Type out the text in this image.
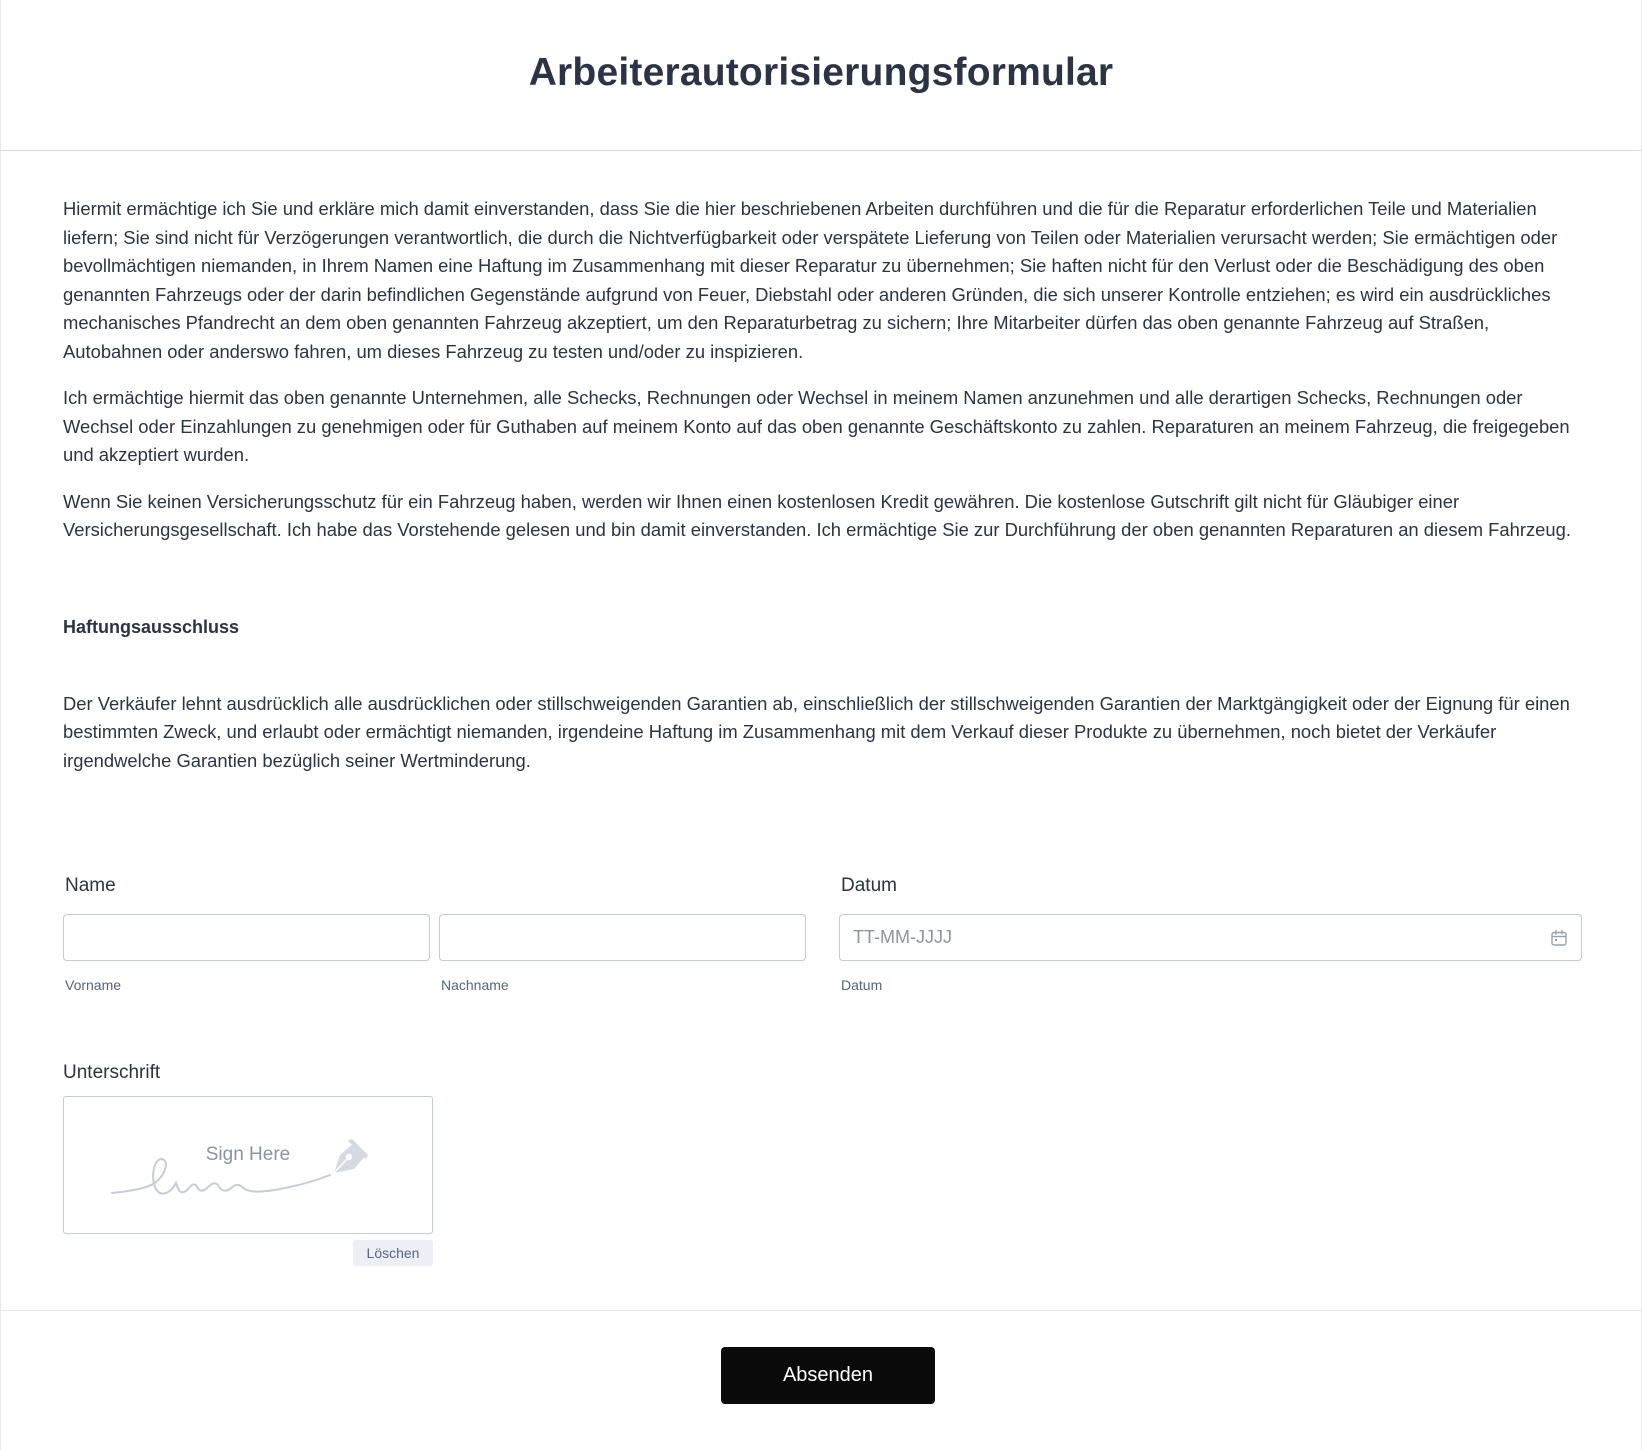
Arbeiterautorisierungsformular

Hiermit ermächtige ich Sie und erkläre mich damit einverstanden, dass Sie die hier beschriebenen Arbeiten durchführen und die für die Reparatur erforderlichen Teile und Materialien liefern; Sie sind nicht für Verzögerungen verantwortlich, die durch die Nichtverfügbarkeit oder verspätete Lieferung von Teilen oder Materialien verursacht werden; Sie ermächtigen oder bevollmächtigen niemanden, in Ihrem Namen eine Haftung im Zusammenhang mit dieser Reparatur zu übernehmen; Sie haften nicht für den Verlust oder die Beschädigung des oben genannten Fahrzeugs oder der darin befindlichen Gegenstände aufgrund von Feuer, Diebstahl oder anderen Gründen, die sich unserer Kontrolle entziehen; es wird ein ausdrückliches mechanisches Pfandrecht an dem oben genannten Fahrzeug akzeptiert, um den Reparaturbetrag zu sichern; Ihre Mitarbeiter dürfen das oben genannte Fahrzeug auf Straßen, Autobahnen oder anderswo fahren, um dieses Fahrzeug zu testen und/oder zu inspizieren.

Ich ermächtige hiermit das oben genannte Unternehmen, alle Schecks, Rechnungen oder Wechsel in meinem Namen anzunehmen und alle derartigen Schecks, Rechnungen oder Wechsel oder Einzahlungen zu genehmigen oder für Guthaben auf meinem Konto auf das oben genannte Geschäftskonto zu zahlen. Reparaturen an meinem Fahrzeug, die freigegeben und akzeptiert wurden.

Wenn Sie keinen Versicherungsschutz für ein Fahrzeug haben, werden wir Ihnen einen kostenlosen Kredit gewähren. Die kostenlose Gutschrift gilt nicht für Gläubiger einer Versicherungsgesellschaft. Ich habe das Vorstehende gelesen und bin damit einverstanden. Ich ermächtige Sie zur Durchführung der oben genannten Reparaturen an diesem Fahrzeug.

Haftungsausschluss

Der Verkäufer lehnt ausdrücklich alle ausdrücklichen oder stillschweigenden Garantien ab, einschließlich der stillschweigenden Garantien der Marktgängigkeit oder der Eignung für einen bestimmten Zweck, und erlaubt oder ermächtigt niemanden, irgendeine Haftung im Zusammenhang mit dem Verkauf dieser Produkte zu übernehmen, noch bietet der Verkäufer irgendwelche Garantien bezüglich seiner Wertminderung.

Name
Vorname	Nachname
Datum
TT-MM-JJJJ
Datum
Unterschrift
Sign Here
Löschen
Absenden
